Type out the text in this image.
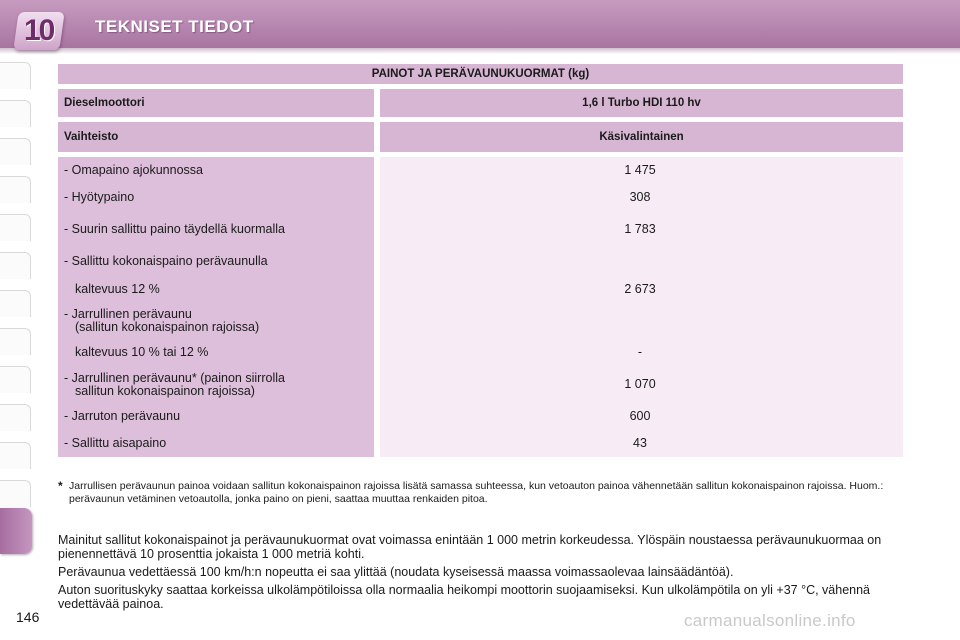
10 TEKNISET TIEDOT
PAINOT JA PERÄVAUNUKUORMAT (kg)
Dieselmoottori	1,6 l Turbo HDI 110 hv
Vaihteisto	Käsivalintainen
- Omapaino ajokunnossa	1 475
- Hyötypaino	308
- Suurin sallittu paino täydellä kuormalla	1 783
- Sallittu kokonaispaino perävaunulla
kaltevuus 12 %	2 673
- Jarrullinen perävaunu
(sallitun kokonaispainon rajoissa)
kaltevuus 10 % tai 12 %	-
- Jarrullinen perävaunu* (painon siirrolla
sallitun kokonaispainon rajoissa)	1 070
- Jarruton perävaunu	600
- Sallittu aisapaino	43
* Jarrullisen perävaunun painoa voidaan sallitun kokonaispainon rajoissa lisätä samassa suhteessa, kun vetoauton painoa vähennetään sallitun kokonaispainon rajoissa. Huom.: perävaunun vetäminen vetoautolla, jonka paino on pieni, saattaa muuttaa renkaiden pitoa.
Mainitut sallitut kokonaispainot ja perävaunukuormat ovat voimassa enintään 1 000 metrin korkeudessa. Ylöspäin noustaessa perävaunukuormaa on pienennettävä 10 prosenttia jokaista 1 000 metriä kohti.
Perävaunua vedettäessä 100 km/h:n nopeutta ei saa ylittää (noudata kyseisessä maassa voimassaolevaa lainsäädäntöä).
Auton suorituskyky saattaa korkeissa ulkolämpötiloissa olla normaalia heikompi moottorin suojaamiseksi. Kun ulkolämpötila on yli +37 °C, vähennä vedettävää painoa.
146	carmanualsonline.info
